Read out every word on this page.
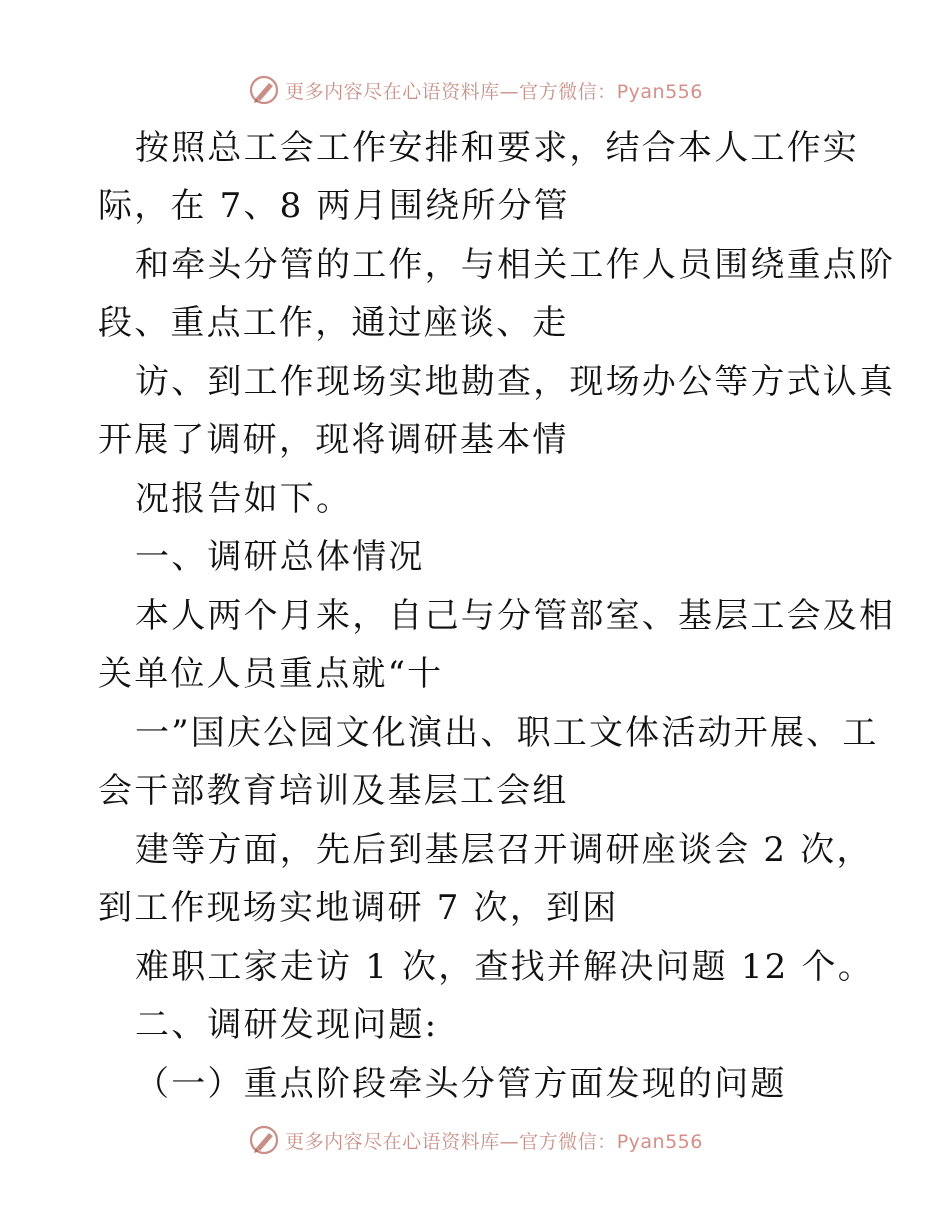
更多内容尽在心语资料库—官方微信：Pyan556
按照总工会工作安排和要求，结合本人工作实
际，在 7、8 两月围绕所分管
和牵头分管的工作，与相关工作人员围绕重点阶
段、重点工作，通过座谈、走
访、到工作现场实地勘查，现场办公等方式认真
开展了调研，现将调研基本情
况报告如下。
一、调研总体情况
本人两个月来，自己与分管部室、基层工会及相
关单位人员重点就“十
一”国庆公园文化演出、职工文体活动开展、工
会干部教育培训及基层工会组
建等方面，先后到基层召开调研座谈会 2 次，
到工作现场实地调研 7 次，到困
难职工家走访 1 次，查找并解决问题 12 个。
二、调研发现问题:
（一）重点阶段牵头分管方面发现的问题
更多内容尽在心语资料库—官方微信：Pyan556
